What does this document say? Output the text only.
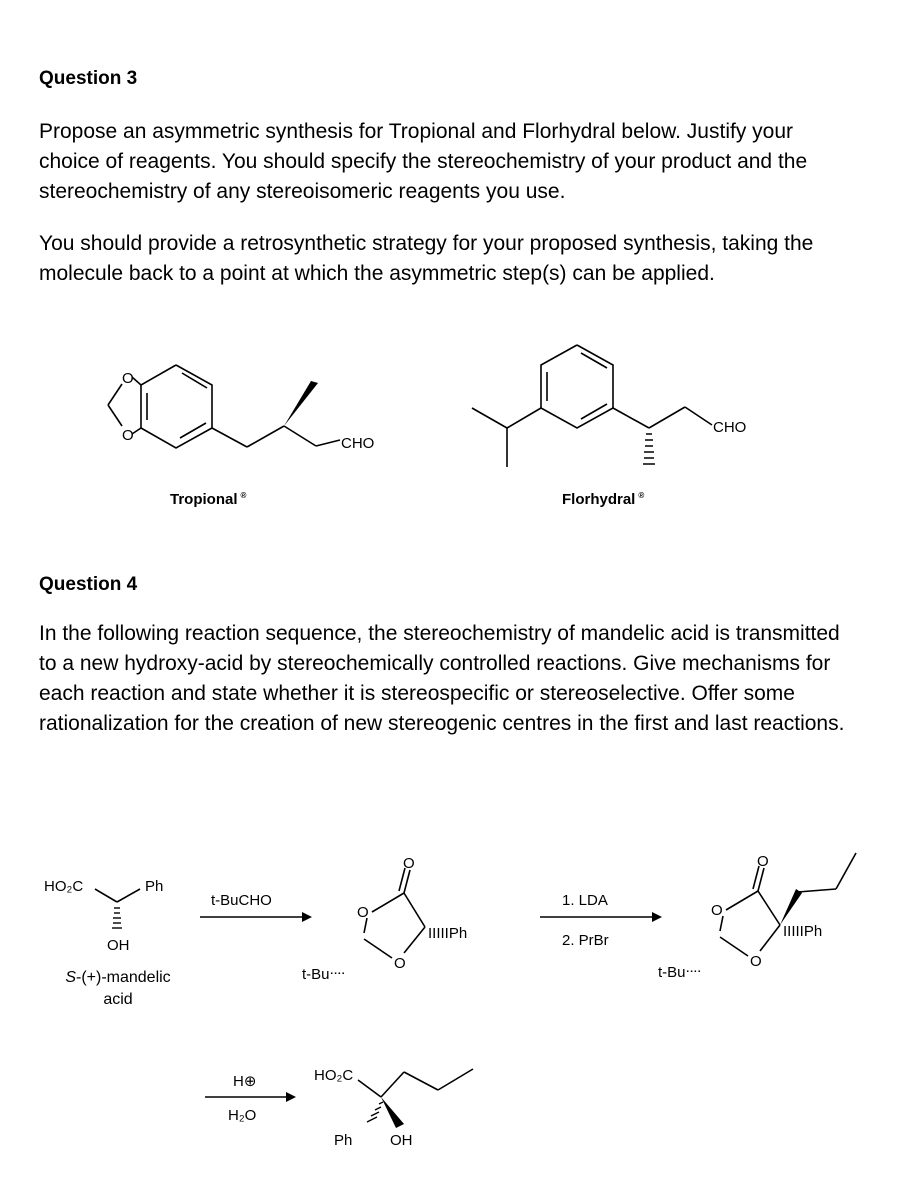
Question 3

Propose an asymmetric synthesis for Tropional and Florhydral below. Justify your choice of reagents. You should specify the stereochemistry of your product and the stereochemistry of any stereoisomeric reagents you use.

You should provide a retrosynthetic strategy for your proposed synthesis, taking the molecule back to a point at which the asymmetric step(s) can be applied.

O
O	CHO
CHO
HO₂C	Ph
OH
O
O
O
IIIIIPh
t-Buᐧᐧᐧᐧ
O
O
O
IIIIIPh
t-Buᐧᐧᐧᐧ
HO₂C
Ph	OH
t-BuCHO	1. LDA
2. PrBr
H⊕
H₂O
Tropional ®	Florhydral ®
Question 4

In the following reaction sequence, the stereochemistry of mandelic acid is transmitted to a new hydroxy-acid by stereochemically controlled reactions. Give mechanisms for each reaction and state whether it is stereospecific or stereoselective. Offer some rationalization for the creation of new stereogenic centres in the first and last reactions.

S-(+)-mandelic
acid
